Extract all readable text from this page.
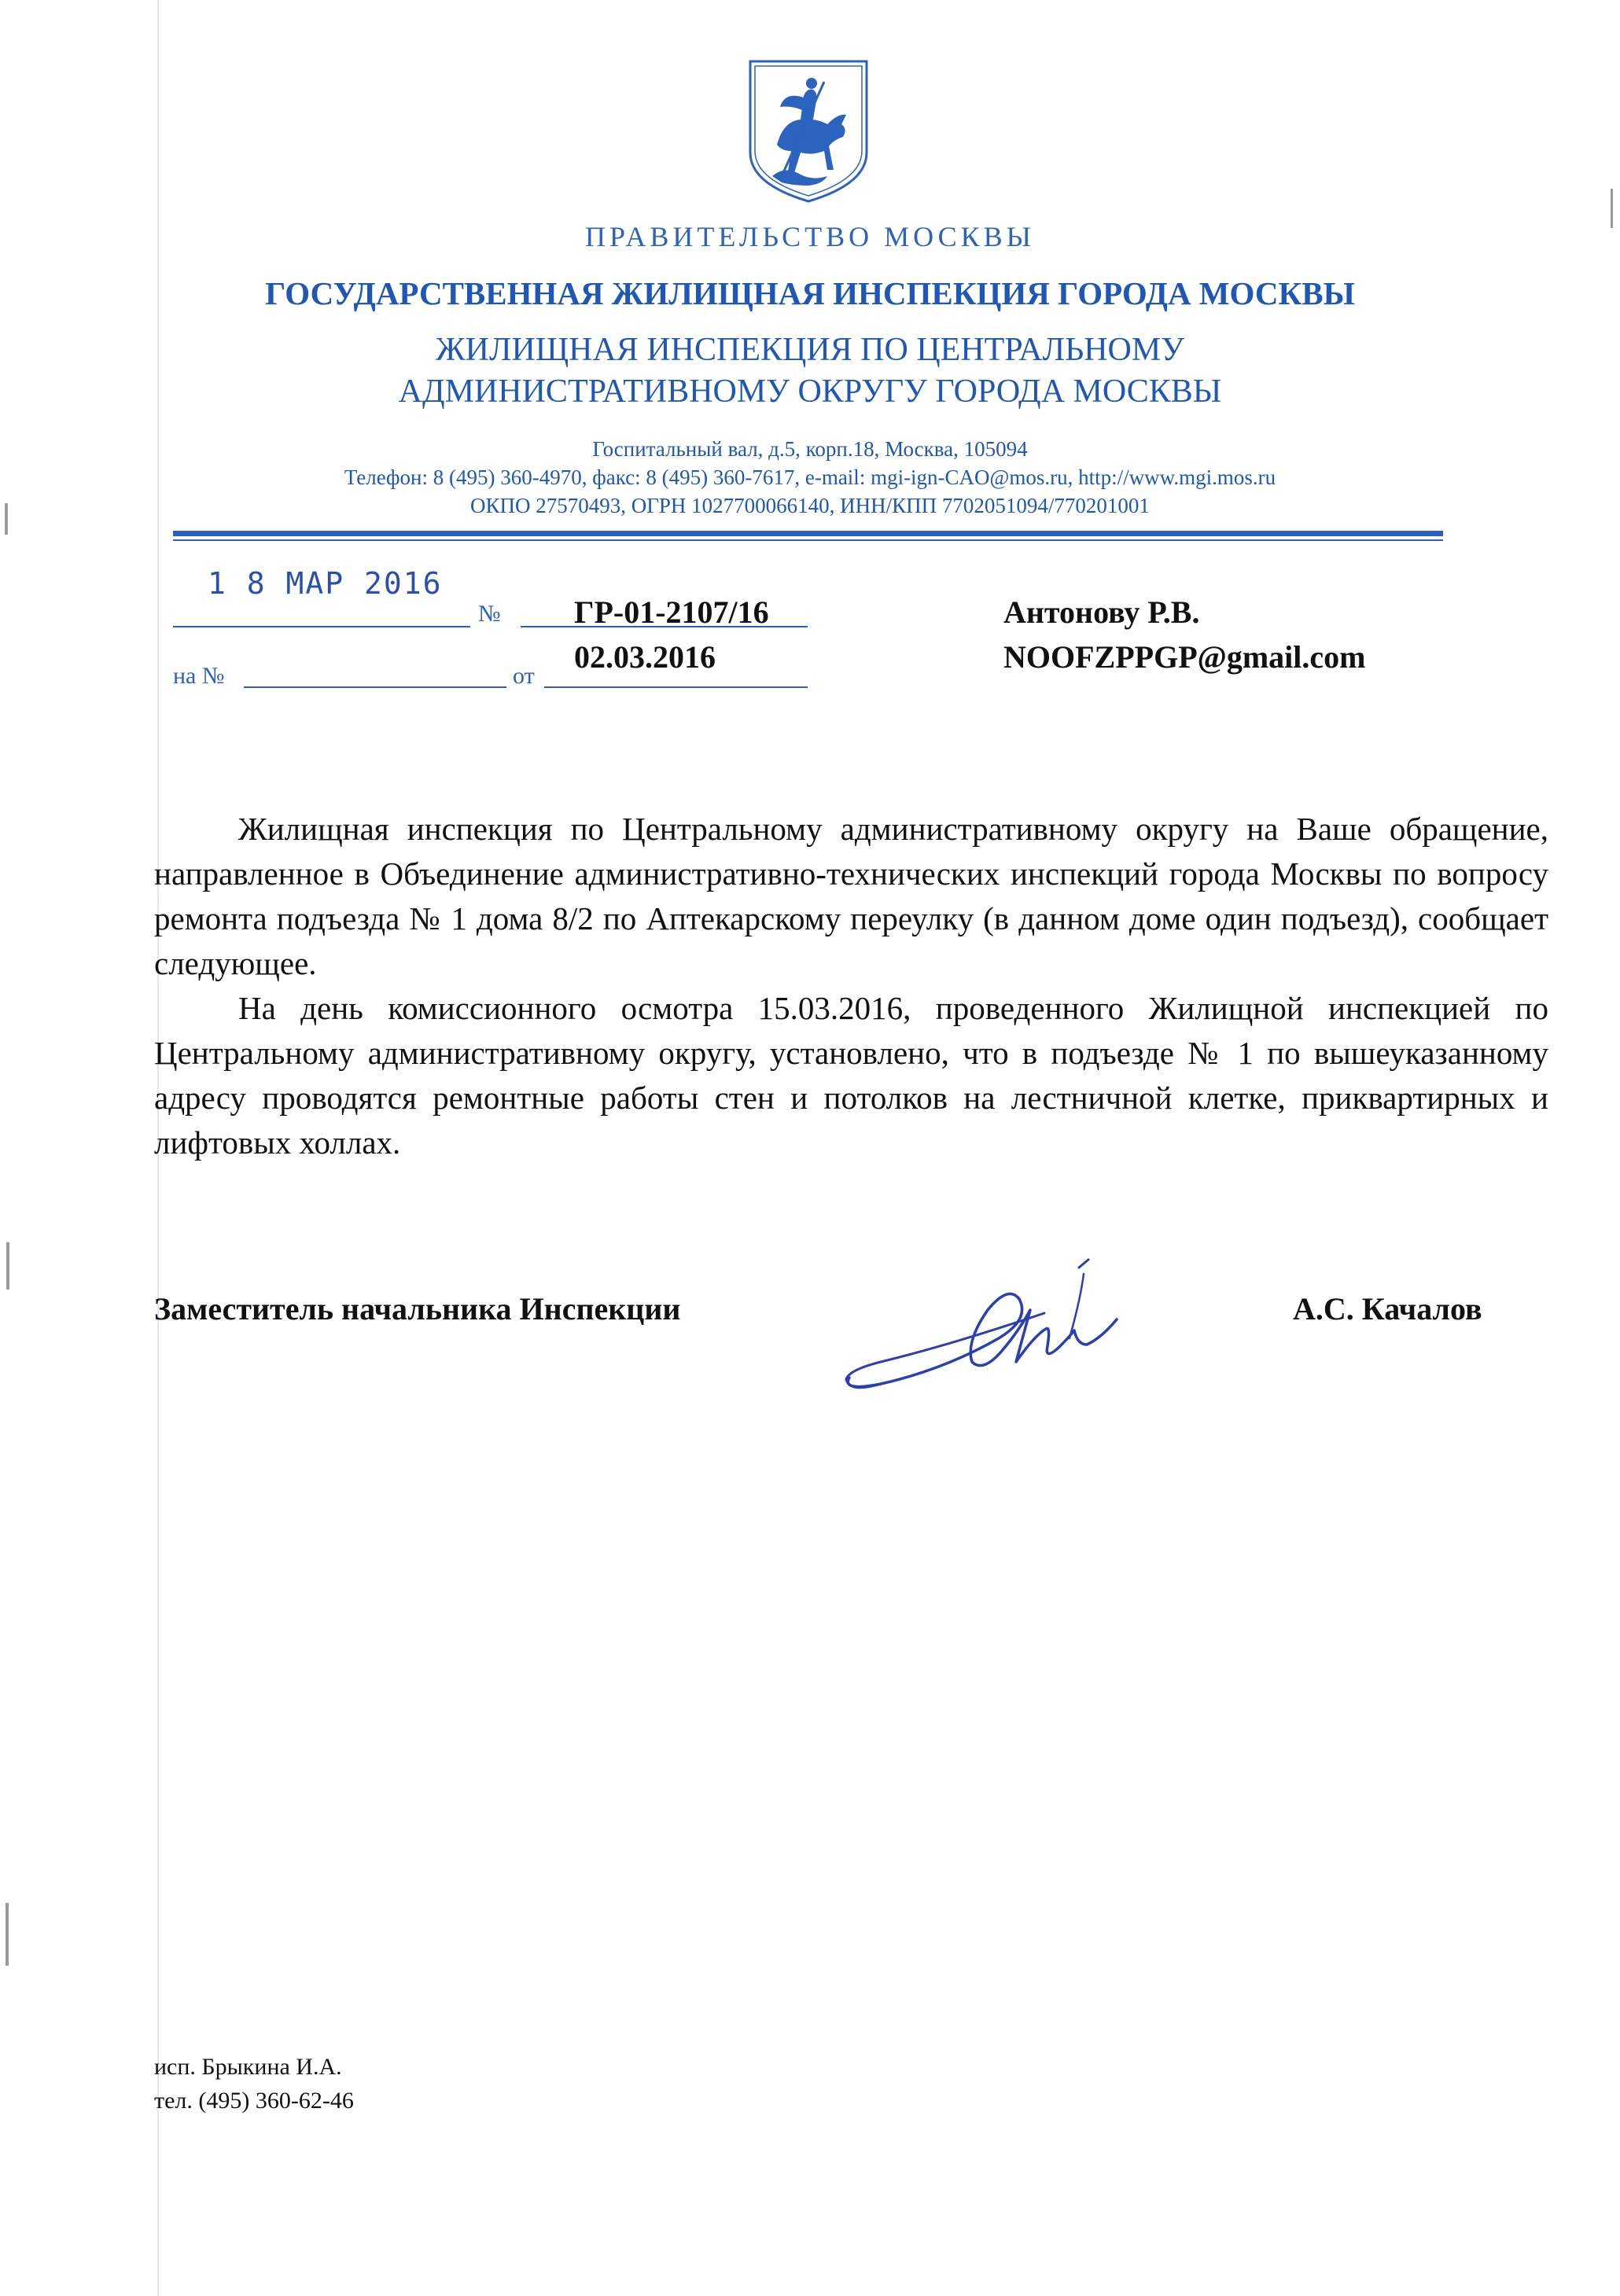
ПРАВИТЕЛЬСТВО МОСКВЫ
ГОСУДАРСТВЕННАЯ ЖИЛИЩНАЯ ИНСПЕКЦИЯ ГОРОДА МОСКВЫ
ЖИЛИЩНАЯ ИНСПЕКЦИЯ ПО ЦЕНТРАЛЬНОМУ
АДМИНИСТРАТИВНОМУ ОКРУГУ ГОРОДА МОСКВЫ
Госпитальный вал, д.5, корп.18, Москва, 105094
Телефон: 8 (495) 360-4970, факс: 8 (495) 360-7617, e-mail: mgi-ign-CAO@mos.ru, http://www.mgi.mos.ru
ОКПО 27570493, ОГРН 1027700066140, ИНН/КПП 7702051094/770201001
1 8 МАР 2016
№ ГР-01-2107/16
02.03.2016
на №	от
Антонову Р.В.
NOOFZPPGP@gmail.com

Жилищная инспекция по Центральному административному округу на Ваше обращение, направленное в Объединение административно-технических инспекций города Москвы по вопросу ремонта подъезда № 1 дома 8/2 по Аптекарскому переулку (в данном доме один подъезд), сообщает следующее.

На день комиссионного осмотра 15.03.2016, проведенного Жилищной инспекцией по Центральному административному округу, установлено, что в подъезде № 1 по вышеуказанному адресу проводятся ремонтные работы стен и потолков на лестничной клетке, приквартирных и лифтовых холлах.

Заместитель начальника Инспекции	А.С. Качалов
исп. Брыкина И.А.
тел. (495) 360-62-46
